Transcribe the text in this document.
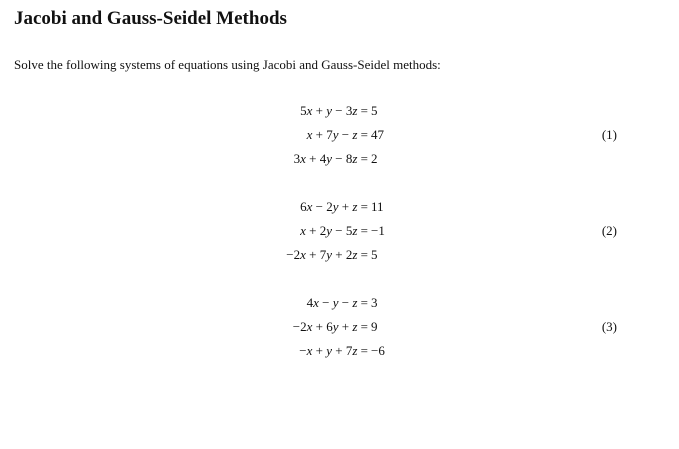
Jacobi and Gauss-Seidel Methods
Solve the following systems of equations using Jacobi and Gauss-Seidel methods:
5x + y − 3z = 5
x + 7y − z = 47	(1)
3x + 4y − 8z = 2
6x − 2y + z = 11
x + 2y − 5z = −1	(2)
−2x + 7y + 2z = 5
4x − y − z = 3
−2x + 6y + z = 9	(3)
−x + y + 7z = −6
